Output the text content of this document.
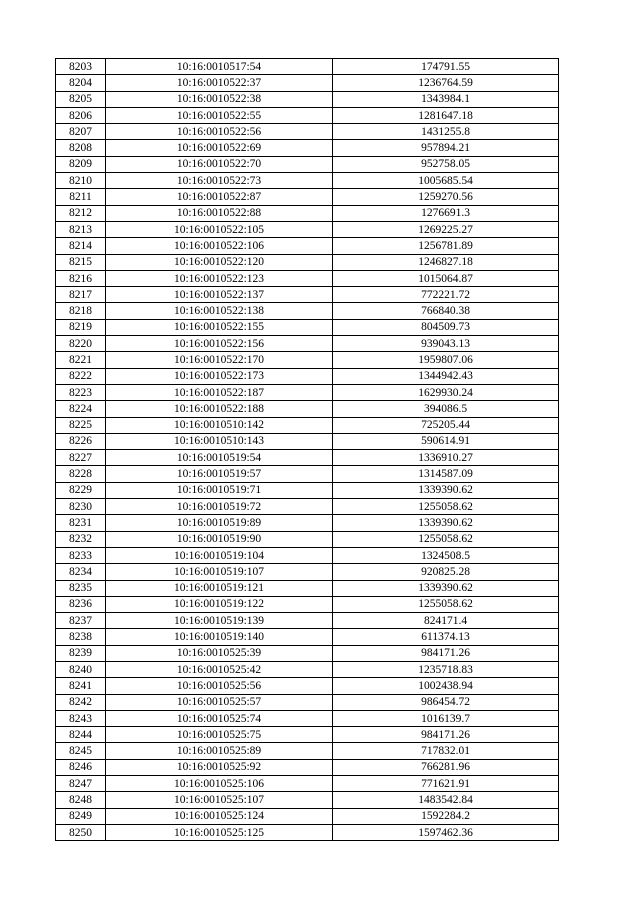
8203	10:16:0010517:54	174791.55
8204	10:16:0010522:37	1236764.59
8205	10:16:0010522:38	1343984.1
8206	10:16:0010522:55	1281647.18
8207	10:16:0010522:56	1431255.8
8208	10:16:0010522:69	957894.21
8209	10:16:0010522:70	952758.05
8210	10:16:0010522:73	1005685.54
8211	10:16:0010522:87	1259270.56
8212	10:16:0010522:88	1276691.3
8213	10:16:0010522:105	1269225.27
8214	10:16:0010522:106	1256781.89
8215	10:16:0010522:120	1246827.18
8216	10:16:0010522:123	1015064.87
8217	10:16:0010522:137	772221.72
8218	10:16:0010522:138	766840.38
8219	10:16:0010522:155	804509.73
8220	10:16:0010522:156	939043.13
8221	10:16:0010522:170	1959807.06
8222	10:16:0010522:173	1344942.43
8223	10:16:0010522:187	1629930.24
8224	10:16:0010522:188	394086.5
8225	10:16:0010510:142	725205.44
8226	10:16:0010510:143	590614.91
8227	10:16:0010519:54	1336910.27
8228	10:16:0010519:57	1314587.09
8229	10:16:0010519:71	1339390.62
8230	10:16:0010519:72	1255058.62
8231	10:16:0010519:89	1339390.62
8232	10:16:0010519:90	1255058.62
8233	10:16:0010519:104	1324508.5
8234	10:16:0010519:107	920825.28
8235	10:16:0010519:121	1339390.62
8236	10:16:0010519:122	1255058.62
8237	10:16:0010519:139	824171.4
8238	10:16:0010519:140	611374.13
8239	10:16:0010525:39	984171.26
8240	10:16:0010525:42	1235718.83
8241	10:16:0010525:56	1002438.94
8242	10:16:0010525:57	986454.72
8243	10:16:0010525:74	1016139.7
8244	10:16:0010525:75	984171.26
8245	10:16:0010525:89	717832.01
8246	10:16:0010525:92	766281.96
8247	10:16:0010525:106	771621.91
8248	10:16:0010525:107	1483542.84
8249	10:16:0010525:124	1592284.2
8250	10:16:0010525:125	1597462.36
